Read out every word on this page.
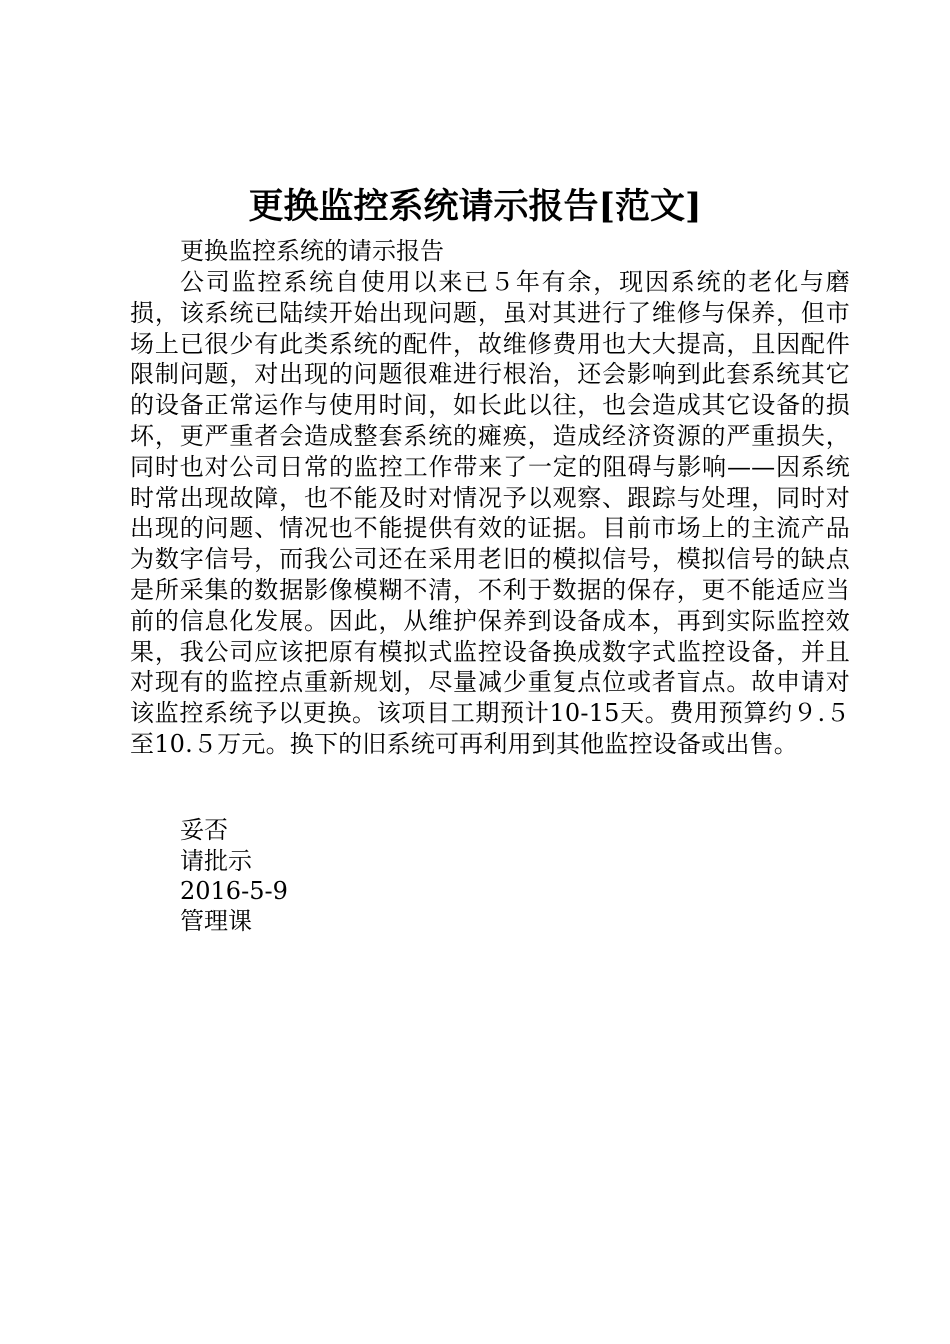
更换监控系统请示报告[范文]
更换监控系统的请示报告
公司监控系统自使用以来已５年有余，现因系统的老化与磨损，该系统已陆续开始出现问题，虽对其进行了维修与保养，但市场上已很少有此类系统的配件，故维修费用也大大提高，且因配件限制问题，对出现的问题很难进行根治，还会影响到此套系统其它的设备正常运作与使用时间，如长此以往，也会造成其它设备的损坏，更严重者会造成整套系统的瘫痪，造成经济资源的严重损失，同时也对公司日常的监控工作带来了一定的阻碍与影响——因系统时常出现故障，也不能及时对情况予以观察、跟踪与处理，同时对出现的问题、情况也不能提供有效的证据。目前市场上的主流产品为数字信号，而我公司还在采用老旧的模拟信号，模拟信号的缺点是所采集的数据影像模糊不清，不利于数据的保存，更不能适应当前的信息化发展。因此，从维护保养到设备成本，再到实际监控效果，我公司应该把原有模拟式监控设备换成数字式监控设备，并且对现有的监控点重新规划，尽量减少重复点位或者盲点。故申请对该监控系统予以更换。该项目工期预计10-15天。费用预算约９.５至10.５万元。换下的旧系统可再利用到其他监控设备或出售。
妥否
请批示
2016-5-9
管理课
